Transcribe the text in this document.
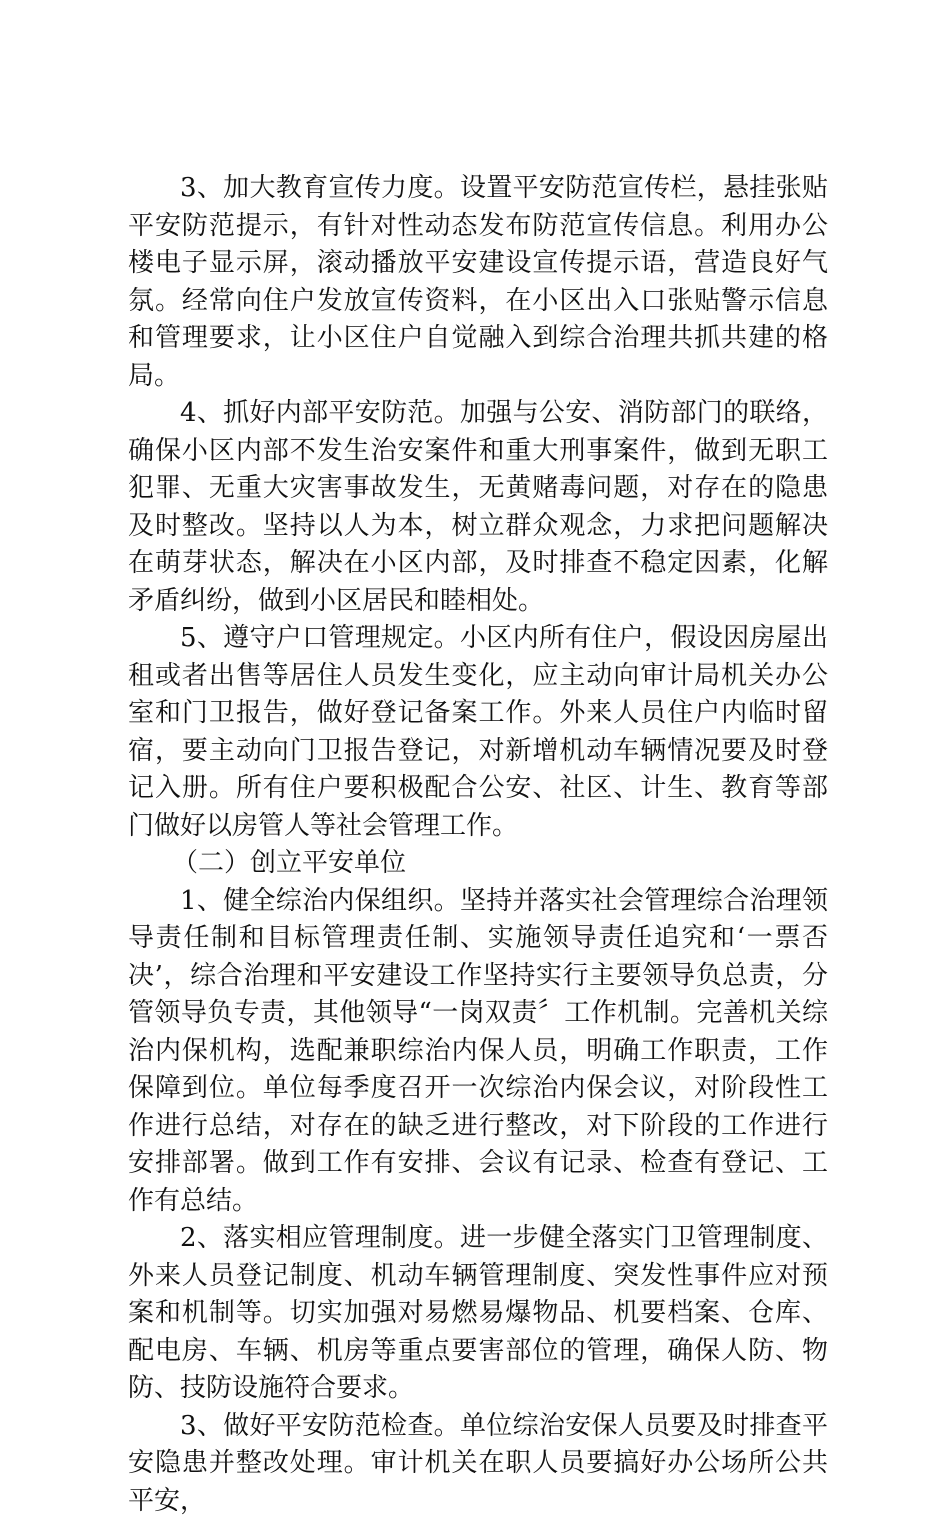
3、加大教育宣传力度。设置平安防范宣传栏，悬挂张贴平安防范提示，有针对性动态发布防范宣传信息。利用办公楼电子显示屏，滚动播放平安建设宣传提示语，营造良好气氛。经常向住户发放宣传资料，在小区出入口张贴警示信息和管理要求，让小区住户自觉融入到综合治理共抓共建的格局。

4、抓好内部平安防范。加强与公安、消防部门的联络，确保小区内部不发生治安案件和重大刑事案件，做到无职工犯罪、无重大灾害事故发生，无黄赌毒问题，对存在的隐患及时整改。坚持以人为本，树立群众观念，力求把问题解决在萌芽状态，解决在小区内部，及时排查不稳定因素，化解矛盾纠纷，做到小区居民和睦相处。

5、遵守户口管理规定。小区内所有住户，假设因房屋出租或者出售等居住人员发生变化，应主动向审计局机关办公室和门卫报告，做好登记备案工作。外来人员住户内临时留宿，要主动向门卫报告登记，对新增机动车辆情况要及时登记入册。所有住户要积极配合公安、社区、计生、教育等部门做好以房管人等社会管理工作。

（二）创立平安单位

1、健全综治内保组织。坚持并落实社会管理综合治理领导责任制和目标管理责任制、实施领导责任追究和‘一票否决’，综合治理和平安建设工作坚持实行主要领导负总责，分管领导负专责，其他领导“一岗双责〞工作机制。完善机关综治内保机构，选配兼职综治内保人员，明确工作职责，工作保障到位。单位每季度召开一次综治内保会议，对阶段性工作进行总结，对存在的缺乏进行整改，对下阶段的工作进行安排部署。做到工作有安排、会议有记录、检查有登记、工作有总结。

2、落实相应管理制度。进一步健全落实门卫管理制度、外来人员登记制度、机动车辆管理制度、突发性事件应对预案和机制等。切实加强对易燃易爆物品、机要档案、仓库、配电房、车辆、机房等重点要害部位的管理，确保人防、物防、技防设施符合要求。

3、做好平安防范检查。单位综治安保人员要及时排查平安隐患并整改处理。审计机关在职人员要搞好办公场所公共平安，
